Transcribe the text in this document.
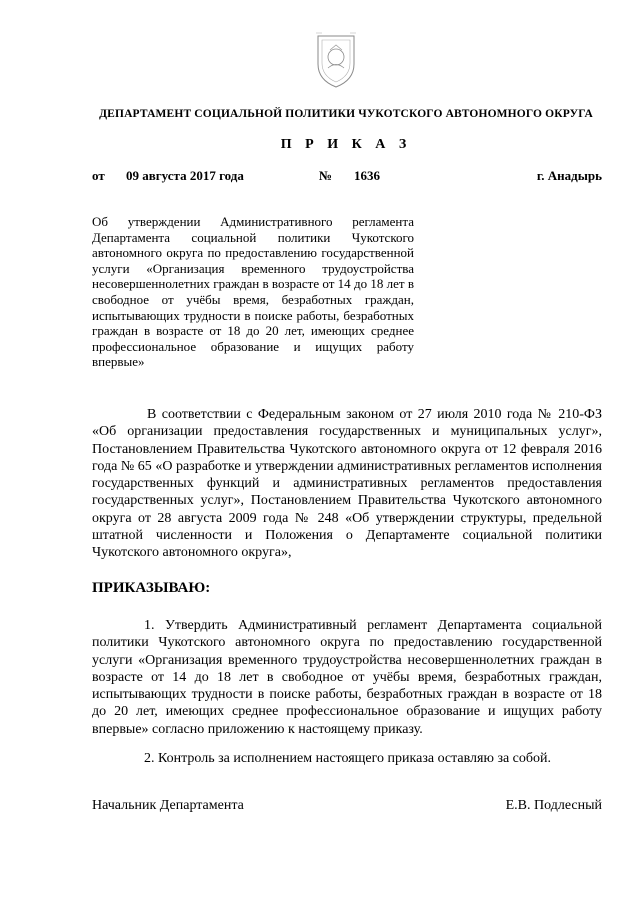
ДЕПАРТАМЕНТ СОЦИАЛЬНОЙ ПОЛИТИКИ ЧУКОТСКОГО АВТОНОМНОГО ОКРУГА
П Р И К А З
от 09 августа 2017 года	№ 1636	г. Анадырь
Об утверждении Административного регламента Департамента социальной политики Чукотского автономного округа по предоставлению государственной услуги «Организация временного трудоустройства несовершеннолетних граждан в возрасте от 14 до 18 лет в свободное от учёбы время, безработных граждан, испытывающих трудности в поиске работы, безработных граждан в возрасте от 18 до 20 лет, имеющих среднее профессиональное образование и ищущих работу впервые»
В соответствии с Федеральным законом от 27 июля 2010 года № 210-ФЗ «Об организации предоставления государственных и муниципальных услуг», Постановлением Правительства Чукотского автономного округа от 12 февраля 2016 года № 65 «О разработке и утверждении административных регламентов исполнения государственных функций и административных регламентов предоставления государственных услуг», Постановлением Правительства Чукотского автономного округа от 28 августа 2009 года № 248 «Об утверждении структуры, предельной штатной численности и Положения о Департаменте социальной политики Чукотского автономного округа»,
ПРИКАЗЫВАЮ:
1. Утвердить Административный регламент Департамента социальной политики Чукотского автономного округа по предоставлению государственной услуги «Организация временного трудоустройства несовершеннолетних граждан в возрасте от 14 до 18 лет в свободное от учёбы время, безработных граждан, испытывающих трудности в поиске работы, безработных граждан в возрасте от 18 до 20 лет, имеющих среднее профессиональное образование и ищущих работу впервые» согласно приложению к настоящему приказу.
2. Контроль за исполнением настоящего приказа оставляю за собой.
Начальник Департамента	Е.В. Подлесный
